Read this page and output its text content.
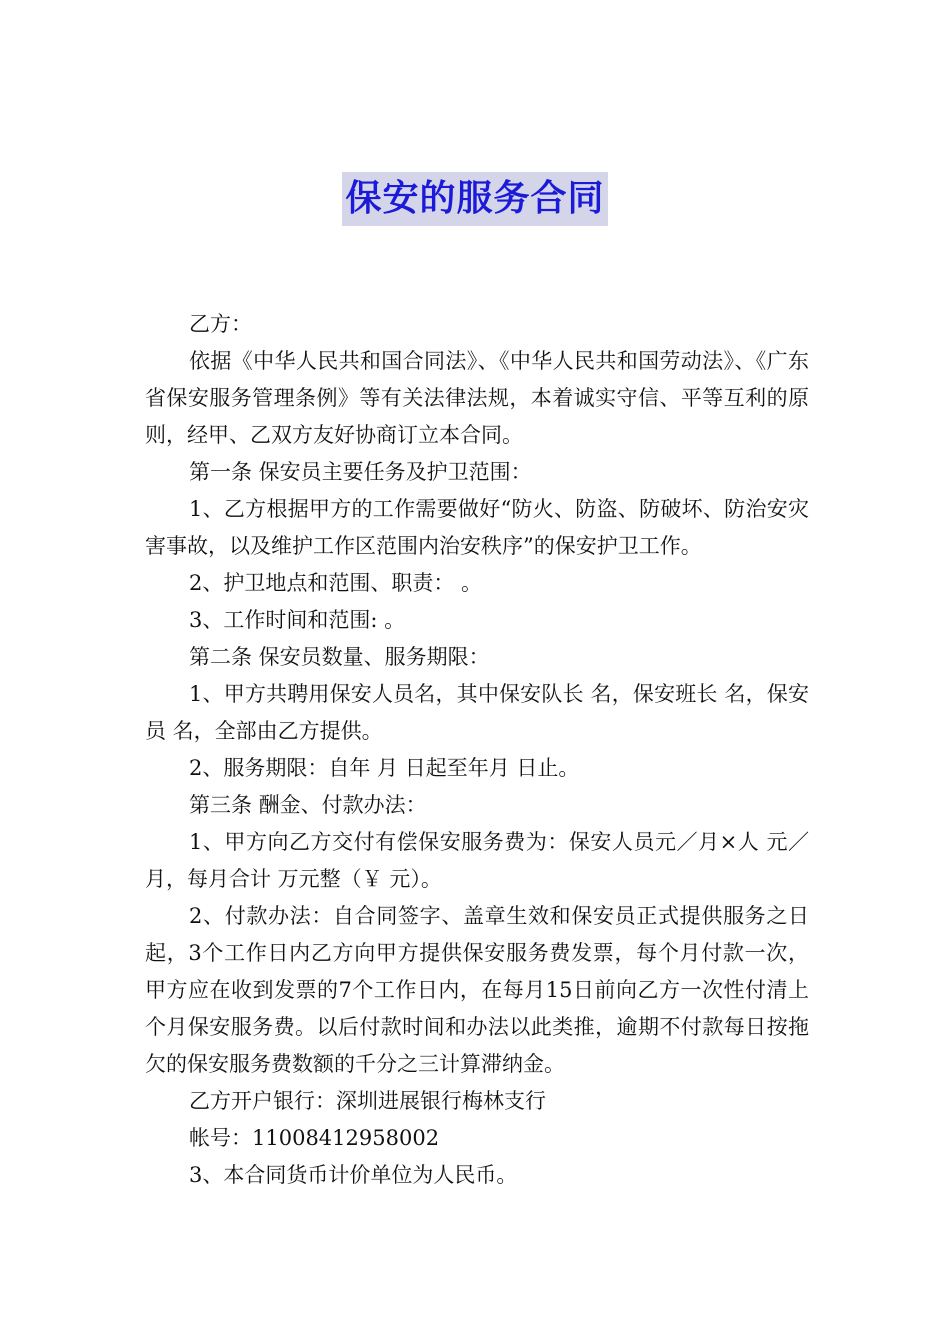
保安的服务合同

乙方：

依据《中华人民共和国合同法》、《中华人民共和国劳动法》、《广东省保安服务管理条例》等有关法律法规，本着诚实守信、平等互利的原则，经甲、乙双方友好协商订立本合同。

第一条 保安员主要任务及护卫范围：

1、乙方根据甲方的工作需要做好“防火、防盗、防破坏、防治安灾害事故，以及维护工作区范围内治安秩序”的保安护卫工作。

2、护卫地点和范围、职责： 。

3、工作时间和范围: 。

第二条 保安员数量、服务期限：

1、甲方共聘用保安人员名，其中保安队长 名，保安班长 名，保安员 名，全部由乙方提供。

2、服务期限：自年 月 日起至年月 日止。

第三条 酬金、付款办法：

1、甲方向乙方交付有偿保安服务费为：保安人员元／月×人 元／月，每月合计 万元整（￥ 元）。

2、付款办法：自合同签字、盖章生效和保安员正式提供服务之日起，3个工作日内乙方向甲方提供保安服务费发票，每个月付款一次，甲方应在收到发票的7个工作日内，在每月15日前向乙方一次性付清上个月保安服务费。以后付款时间和办法以此类推，逾期不付款每日按拖欠的保安服务费数额的千分之三计算滞纳金。

乙方开户银行：深圳进展银行梅林支行

帐号：11008412958002

3、本合同货币计价单位为人民币。
